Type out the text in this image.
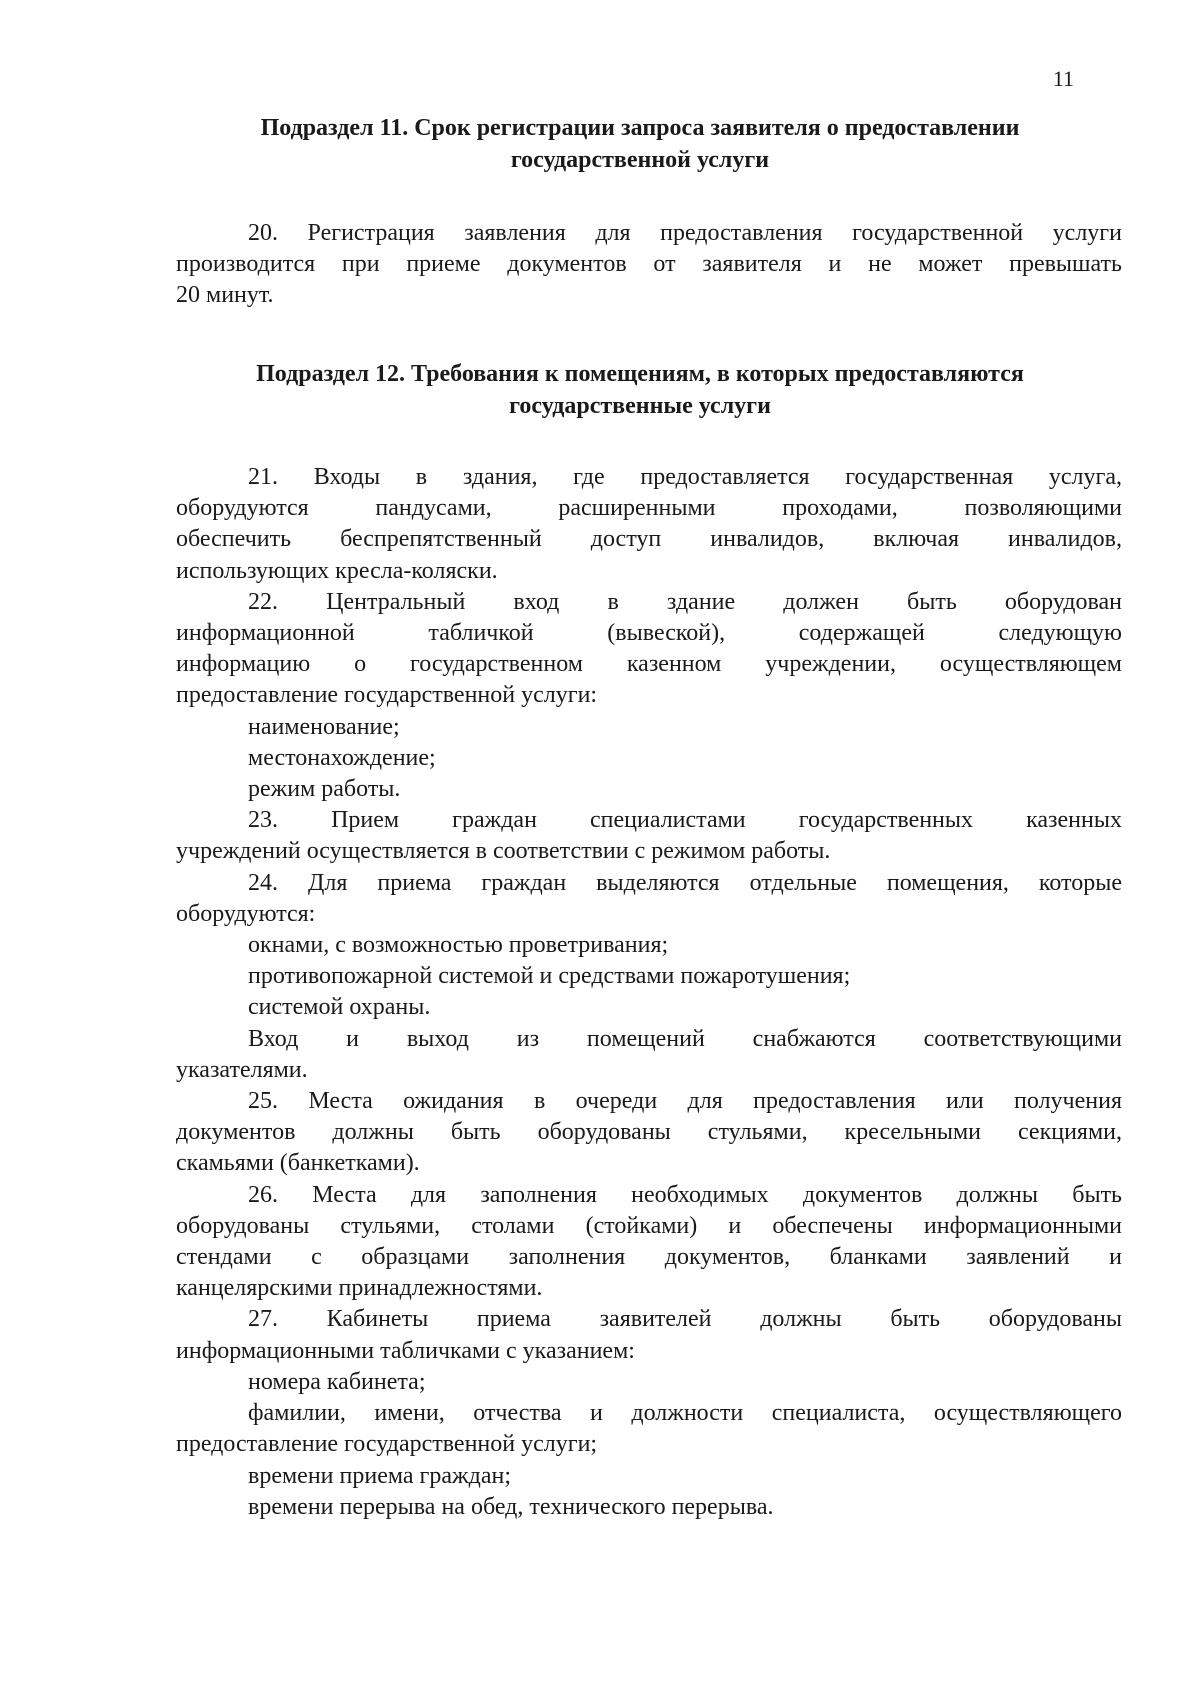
11
Подраздел 11. Срок регистрации запроса заявителя о предоставлении
государственной услуги
20. Регистрация заявления для предоставления государственной услуги
производится при приеме документов от заявителя и не может превышать
20 минут.
Подраздел 12. Требования к помещениям, в которых предоставляются
государственные услуги
21. Входы в здания, где предоставляется государственная услуга,
оборудуются пандусами, расширенными проходами, позволяющими
обеспечить беспрепятственный доступ инвалидов, включая инвалидов,
использующих кресла-коляски.
22. Центральный вход в здание должен быть оборудован
информационной табличкой (вывеской), содержащей следующую
информацию о государственном казенном учреждении, осуществляющем
предоставление государственной услуги:
наименование;
местонахождение;
режим работы.
23. Прием граждан специалистами государственных казенных
учреждений осуществляется в соответствии с режимом работы.
24. Для приема граждан выделяются отдельные помещения, которые
оборудуются:
окнами, с возможностью проветривания;
противопожарной системой и средствами пожаротушения;
системой охраны.
Вход и выход из помещений снабжаются соответствующими
указателями.
25. Места ожидания в очереди для предоставления или получения
документов должны быть оборудованы стульями, кресельными секциями,
скамьями (банкетками).
26. Места для заполнения необходимых документов должны быть
оборудованы стульями, столами (стойками) и обеспечены информационными
стендами с образцами заполнения документов, бланками заявлений и
канцелярскими принадлежностями.
27. Кабинеты приема заявителей должны быть оборудованы
информационными табличками с указанием:
номера кабинета;
фамилии, имени, отчества и должности специалиста, осуществляющего
предоставление государственной услуги;
времени приема граждан;
времени перерыва на обед, технического перерыва.
